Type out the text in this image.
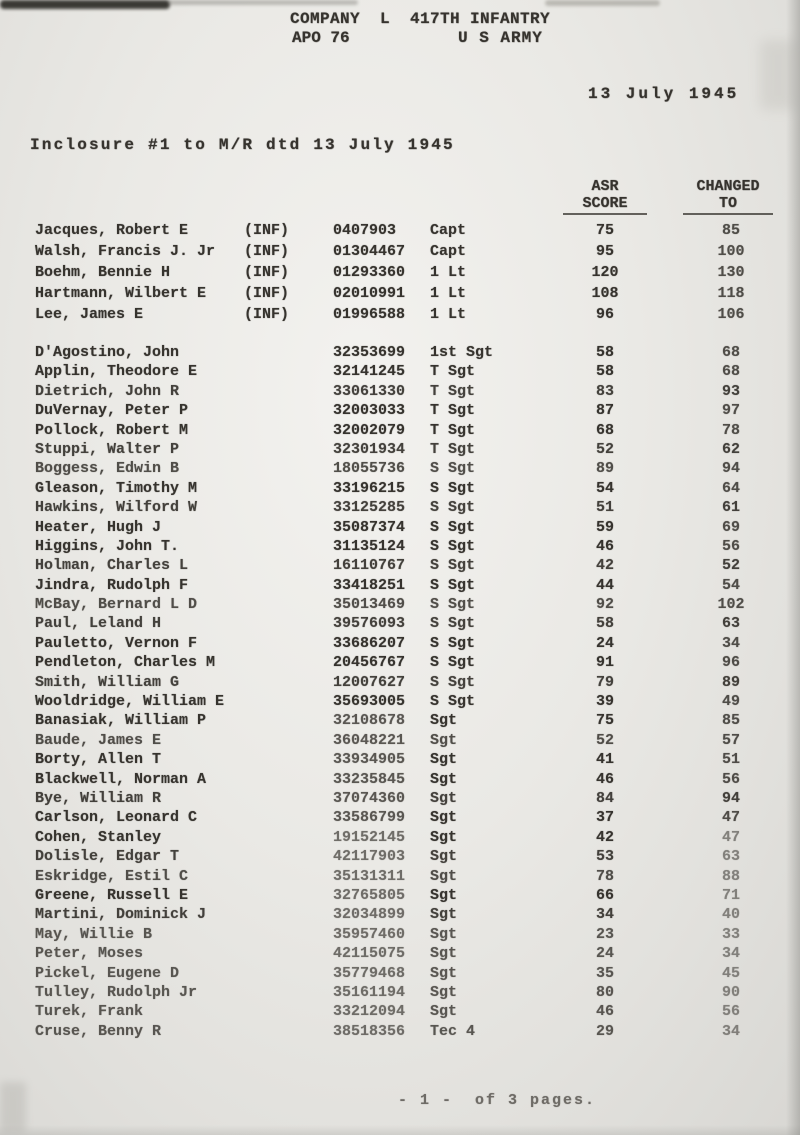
COMPANY  L  417TH INFANTRY
APO 76	U S ARMY
13 July 1945
Inclosure #1 to M/R dtd 13 July 1945
ASR
SCORE
CHANGED
TO
Jacques, Robert E	(INF)	0407903 Capt	75	85
Walsh, Francis J. Jr (INF)	01304467 Capt	95	100
Boehm, Bennie H	(INF)	01293360 1 Lt	120	130
Hartmann, Wilbert E	(INF)	02010991 1 Lt	108	118
Lee, James E	(INF)	01996588 1 Lt	96	106
D'Agostino, John	32353699 1st Sgt	58	68
Applin, Theodore E	32141245 T Sgt	58	68
Dietrich, John R	33061330 T Sgt	83	93
DuVernay, Peter P	32003033 T Sgt	87	97
Pollock, Robert M	32002079 T Sgt	68	78
Stuppi, Walter P	32301934 T Sgt	52	62
Boggess, Edwin B	18055736 S Sgt	89	94
Gleason, Timothy M	33196215 S Sgt	54	64
Hawkins, Wilford W	33125285 S Sgt	51	61
Heater, Hugh J	35087374 S Sgt	59	69
Higgins, John T.	31135124 S Sgt	46	56
Holman, Charles L	16110767 S Sgt	42	52
Jindra, Rudolph F	33418251 S Sgt	44	54
McBay, Bernard L D	35013469 S Sgt	92	102
Paul, Leland H	39576093 S Sgt	58	63
Pauletto, Vernon F	33686207 S Sgt	24	34
Pendleton, Charles M	20456767 S Sgt	91	96
Smith, William G	12007627 S Sgt	79	89
Wooldridge, William E	35693005 S Sgt	39	49
Banasiak, William P	32108678 Sgt	75	85
Baude, James E	36048221 Sgt	52	57
Borty, Allen T	33934905 Sgt	41	51
Blackwell, Norman A	33235845 Sgt	46	56
Bye, William R	37074360 Sgt	84	94
Carlson, Leonard C	33586799 Sgt	37	47
Cohen, Stanley	19152145 Sgt	42	47
Dolisle, Edgar T	42117903 Sgt	53	63
Eskridge, Estil C	35131311 Sgt	78	88
Greene, Russell E	32765805 Sgt	66	71
Martini, Dominick J	32034899 Sgt	34	40
May, Willie B	35957460 Sgt	23	33
Peter, Moses	42115075 Sgt	24	34
Pickel, Eugene D	35779468 Sgt	35	45
Tulley, Rudolph Jr	35161194 Sgt	80	90
Turek, Frank	33212094 Sgt	46	56
Cruse, Benny R	38518356 Tec 4	29	34
- 1 -  of 3 pages.
